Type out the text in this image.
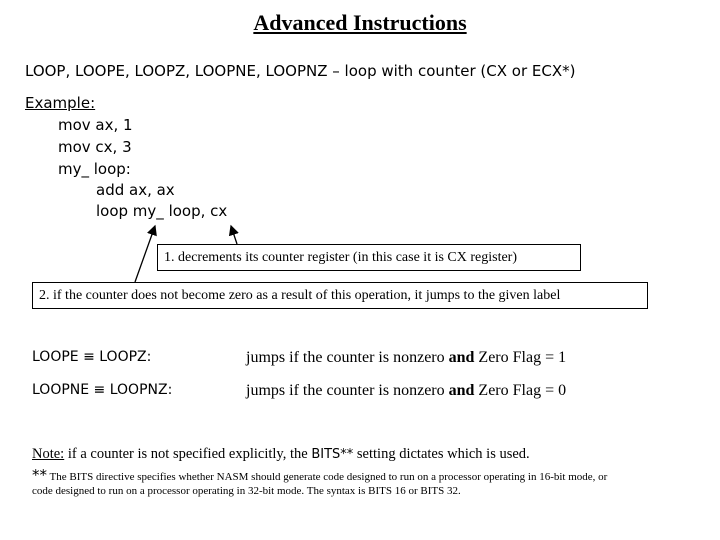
Advanced Instructions
LOOP, LOOPE, LOOPZ, LOOPNE, LOOPNZ – loop with counter (CX or ECX*)
Example:
mov ax, 1
mov cx, 3
my_ loop:
add ax, ax
loop my_ loop, cx
1. decrements its counter register (in this case it is CX register)
2. if the counter does not become zero as a result of this operation, it jumps to the given label
LOOPE ≡ LOOPZ:	jumps if the counter is nonzero and Zero Flag = 1
LOOPNE ≡ LOOPNZ:	jumps if the counter is nonzero and Zero Flag = 0
Note: if a counter is not specified explicitly, the BITS** setting dictates which is used.
** The BITS directive specifies whether NASM should generate code designed to run on a processor operating in 16-bit mode, or
code designed to run on a processor operating in 32-bit mode. The syntax is BITS 16 or BITS 32.
